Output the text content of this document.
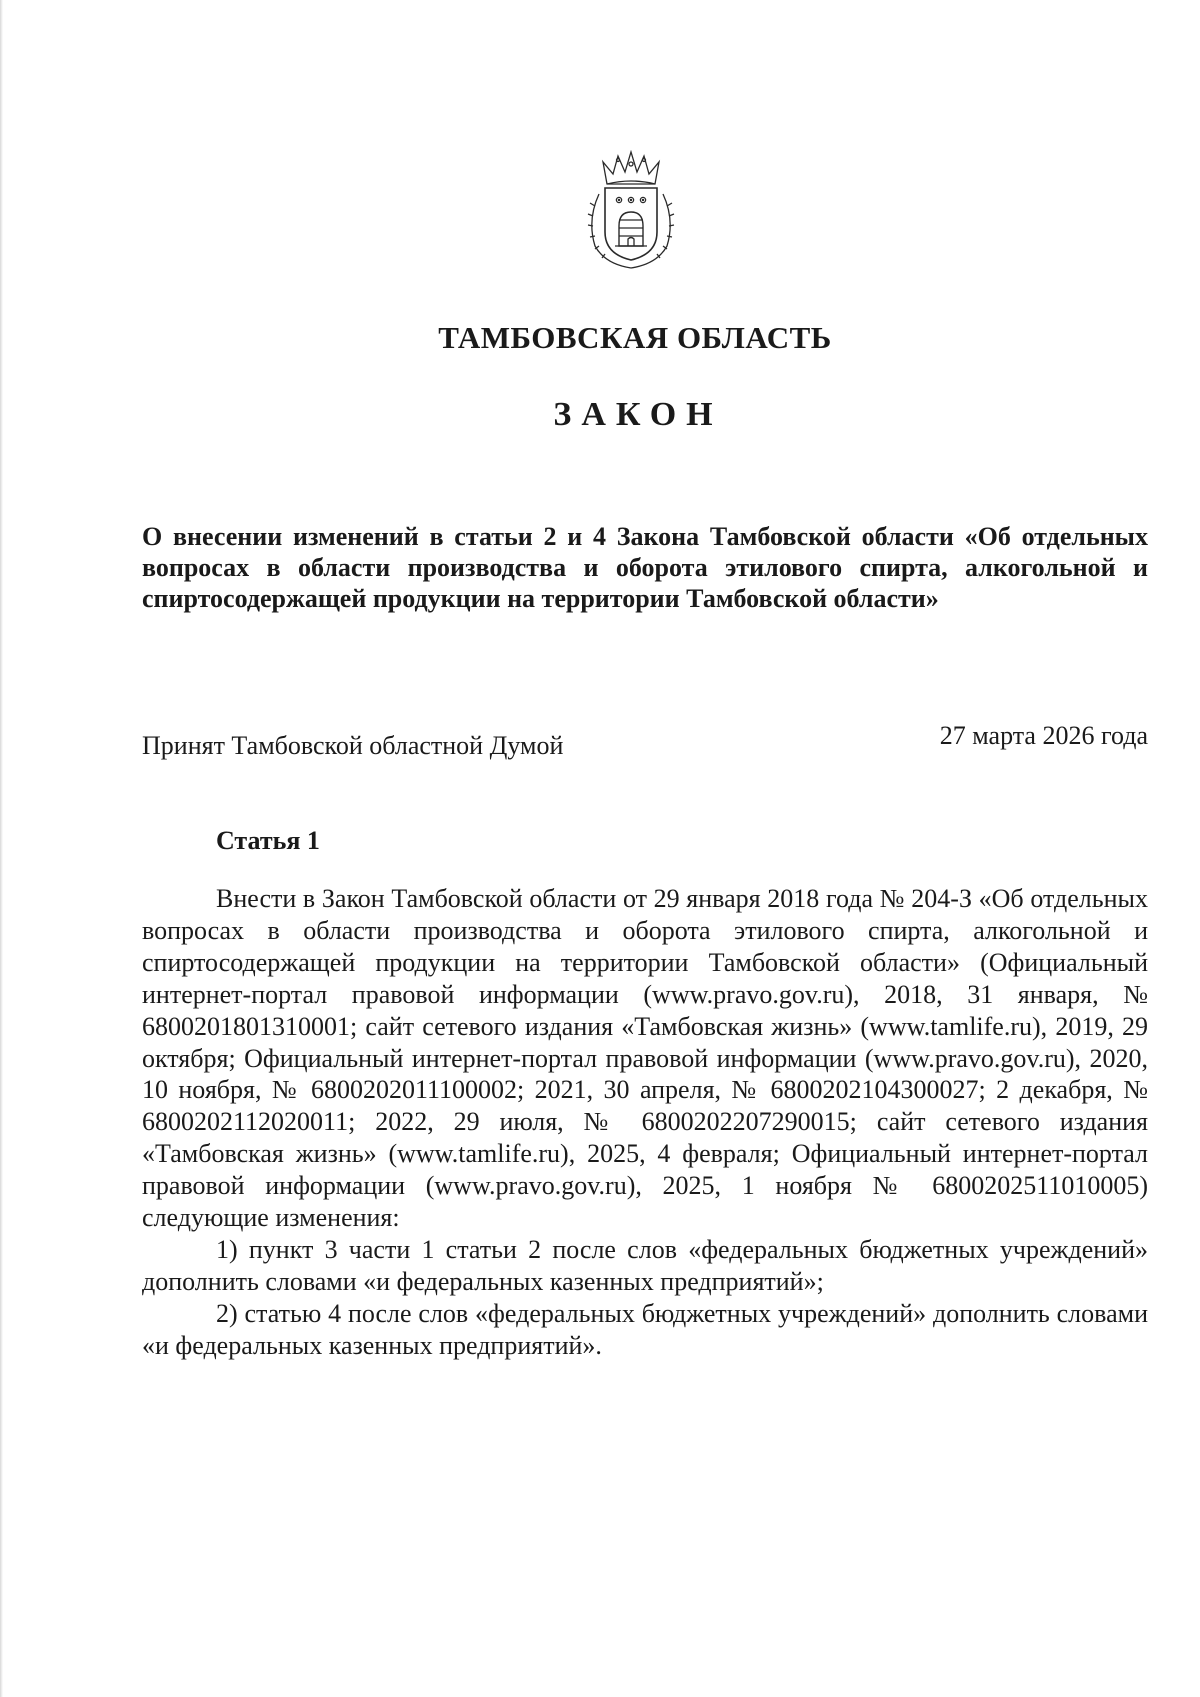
ТАМБОВСКАЯ ОБЛАСТЬ
ЗАКОН
О внесении изменений в статьи 2 и 4 Закона Тамбовской области «Об отдельных вопросах в области производства и оборота этилового спирта, алкогольной и спиртосодержащей продукции на территории Тамбовской области»
Принят Тамбовской областной Думой	27 марта 2026 года
Статья 1

Внести в Закон Тамбовской области от 29 января 2018 года № 204-З «Об отдельных вопросах в области производства и оборота этилового спирта, алкогольной и спиртосодержащей продукции на территории Тамбовской области» (Официальный интернет-портал правовой информации (www.pravo.gov.ru), 2018, 31 января, № 6800201801310001; сайт сетевого издания «Тамбовская жизнь» (www.tamlife.ru), 2019, 29 октября; Официальный интернет-портал правовой информации (www.pravo.gov.ru), 2020, 10 ноября, № 6800202011100002; 2021, 30 апреля, № 6800202104300027; 2 декабря, № 6800202112020011; 2022, 29 июля, № 6800202207290015; сайт сетевого издания «Тамбовская жизнь» (www.tamlife.ru), 2025, 4 февраля; Официальный интернет-портал правовой информации (www.pravo.gov.ru), 2025, 1 ноября № 6800202511010005) следующие изменения:

1) пункт 3 части 1 статьи 2 после слов «федеральных бюджетных учреждений» дополнить словами «и федеральных казенных предприятий»;

2) статью 4 после слов «федеральных бюджетных учреждений» дополнить словами «и федеральных казенных предприятий».
